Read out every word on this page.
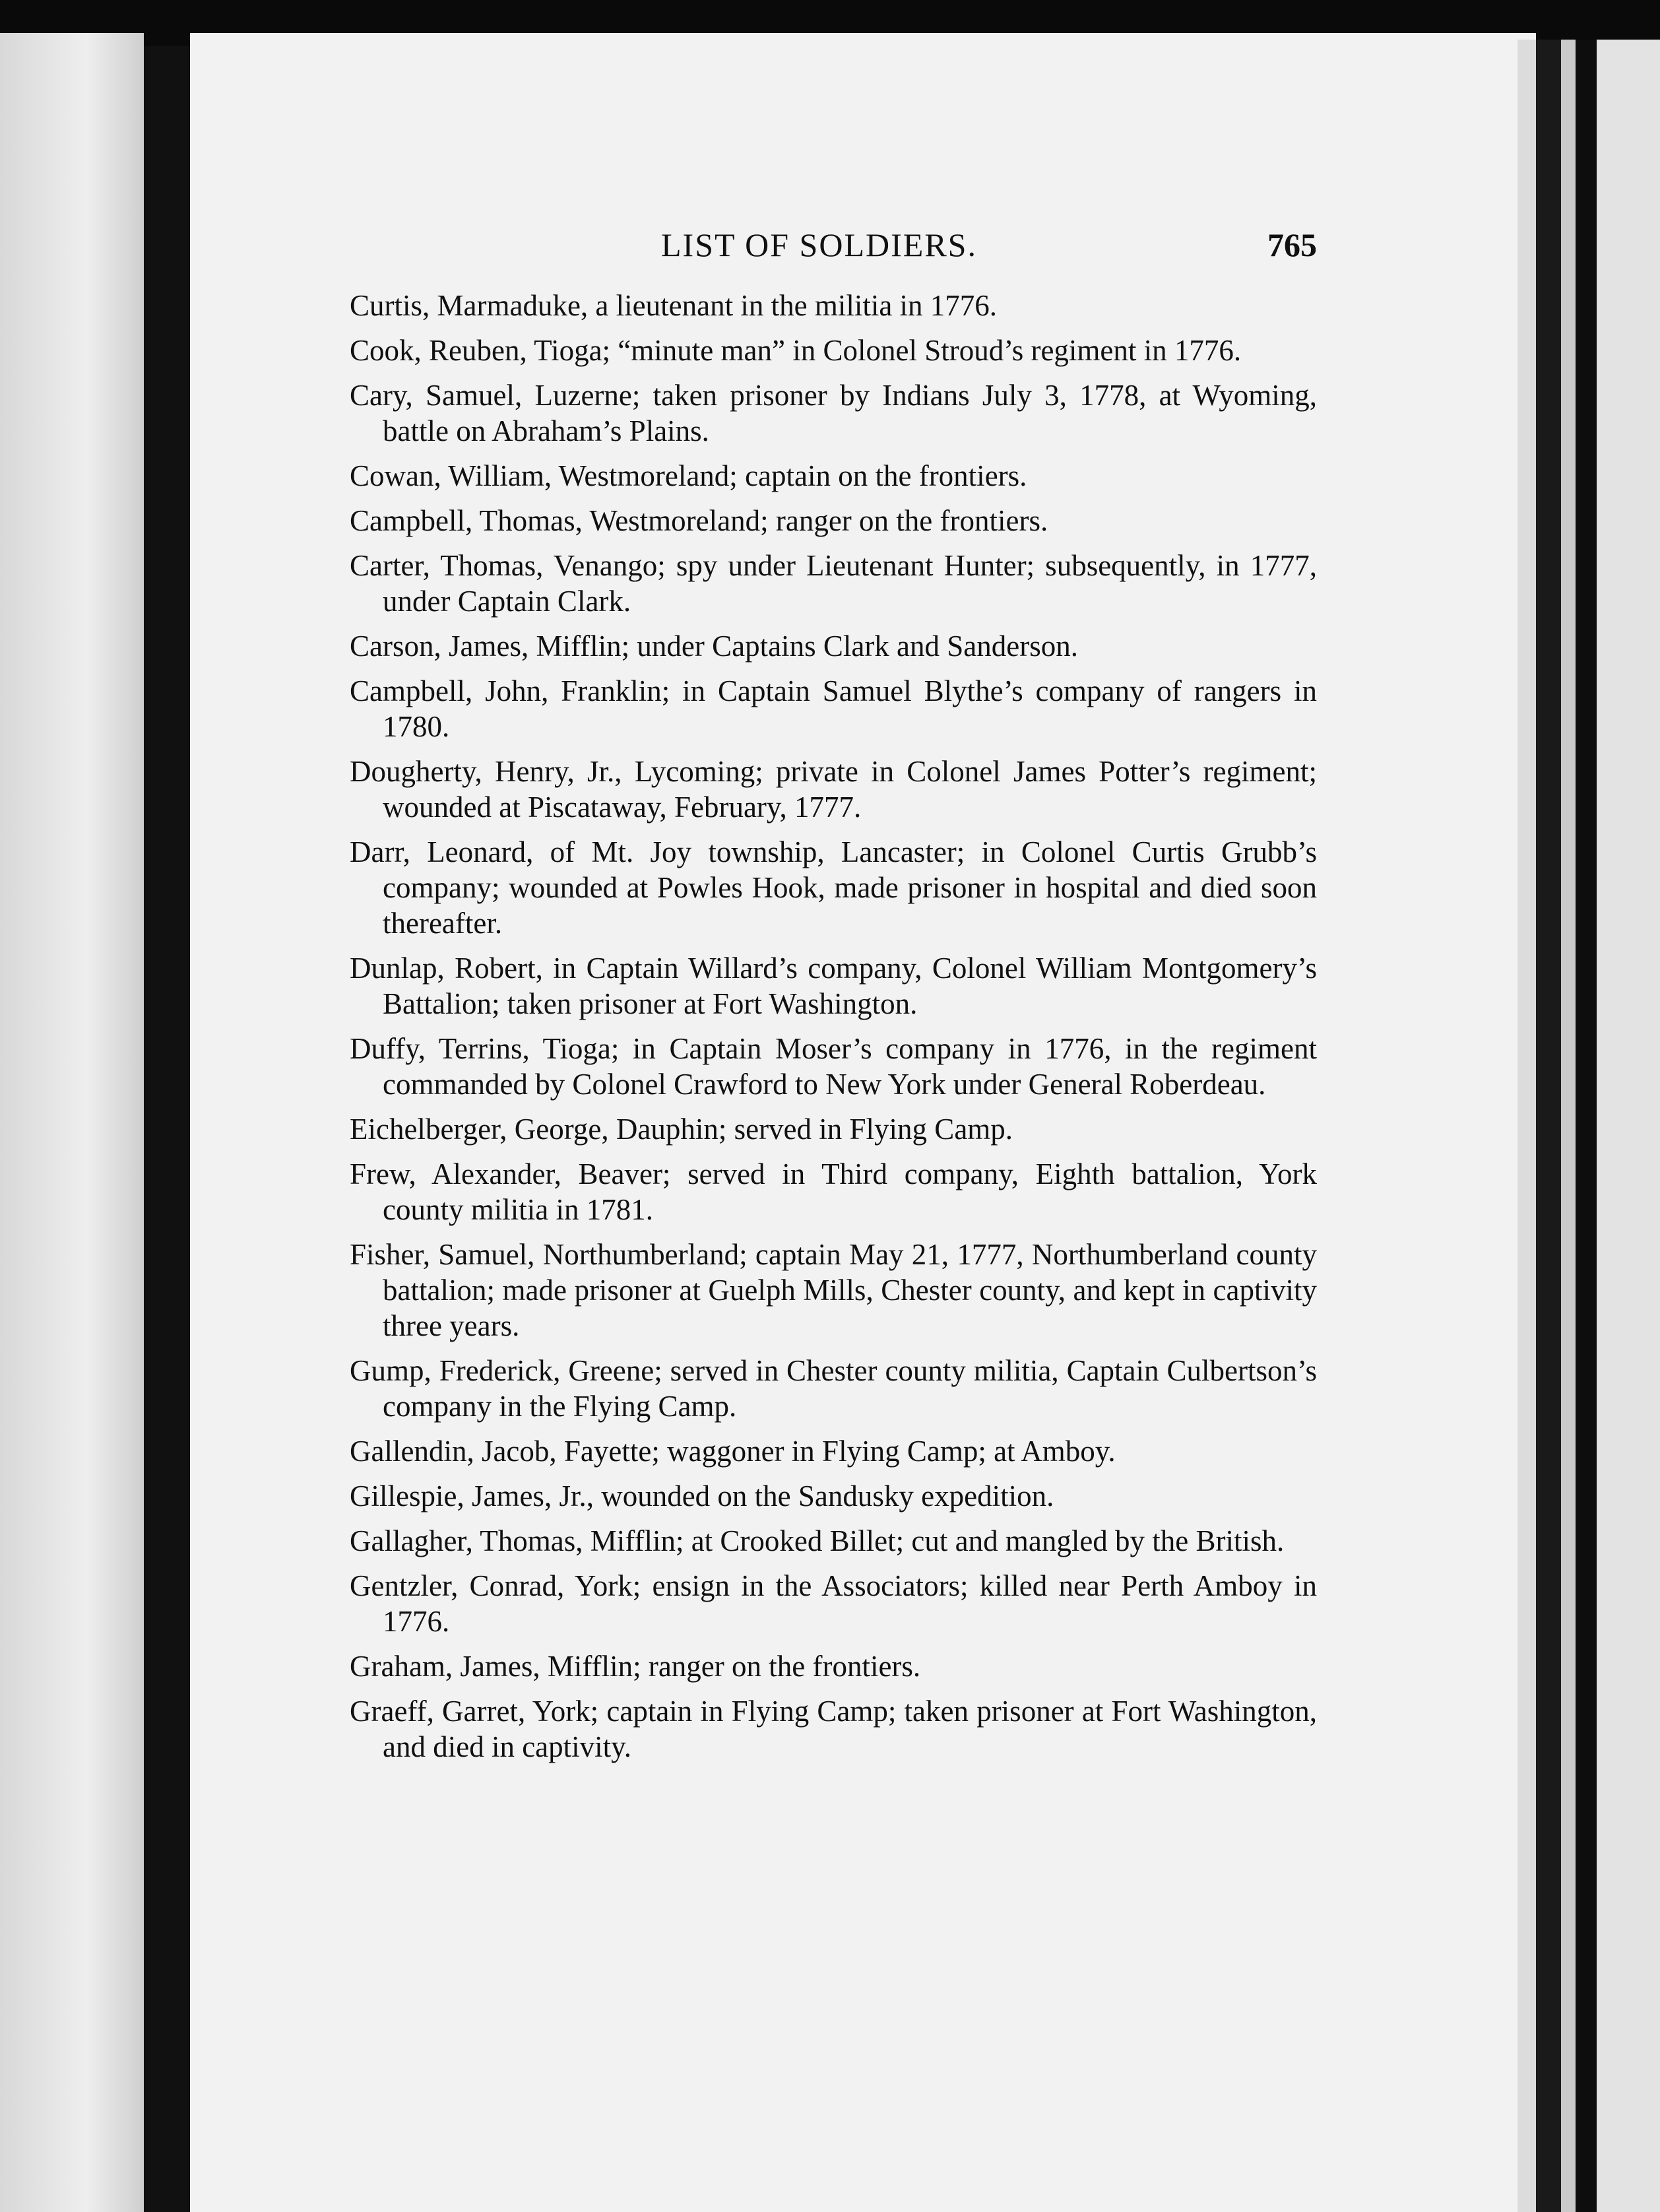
LIST OF SOLDIERS.	765

Curtis, Marmaduke, a lieutenant in the militia in 1776.

Cook, Reuben, Tioga; “minute man” in Colonel Stroud’s regiment in 1776.

Cary, Samuel, Luzerne; taken prisoner by Indians July 3, 1778, at Wyoming, battle on Abraham’s Plains.

Cowan, William, Westmoreland; captain on the frontiers.

Campbell, Thomas, Westmoreland; ranger on the frontiers.

Carter, Thomas, Venango; spy under Lieutenant Hunter; subsequently, in 1777, under Captain Clark.

Carson, James, Mifflin; under Captains Clark and Sanderson.

Campbell, John, Franklin; in Captain Samuel Blythe’s company of rangers in 1780.

Dougherty, Henry, Jr., Lycoming; private in Colonel James Potter’s regiment; wounded at Piscataway, February, 1777.

Darr, Leonard, of Mt. Joy township, Lancaster; in Colonel Curtis Grubb’s company; wounded at Powles Hook, made prisoner in hospital and died soon thereafter.

Dunlap, Robert, in Captain Willard’s company, Colonel William Montgomery’s Battalion; taken prisoner at Fort Washington.

Duffy, Terrins, Tioga; in Captain Moser’s company in 1776, in the regiment commanded by Colonel Crawford to New York under General Roberdeau.

Eichelberger, George, Dauphin; served in Flying Camp.

Frew, Alexander, Beaver; served in Third company, Eighth battalion, York county militia in 1781.

Fisher, Samuel, Northumberland; captain May 21, 1777, Northumberland county battalion; made prisoner at Guelph Mills, Chester county, and kept in captivity three years.

Gump, Frederick, Greene; served in Chester county militia, Captain Culbertson’s company in the Flying Camp.

Gallendin, Jacob, Fayette; waggoner in Flying Camp; at Amboy.

Gillespie, James, Jr., wounded on the Sandusky expedition.

Gallagher, Thomas, Mifflin; at Crooked Billet; cut and mangled by the British.

Gentzler, Conrad, York; ensign in the Associators; killed near Perth Amboy in 1776.

Graham, James, Mifflin; ranger on the frontiers.

Graeff, Garret, York; captain in Flying Camp; taken prisoner at Fort Washington, and died in captivity.
